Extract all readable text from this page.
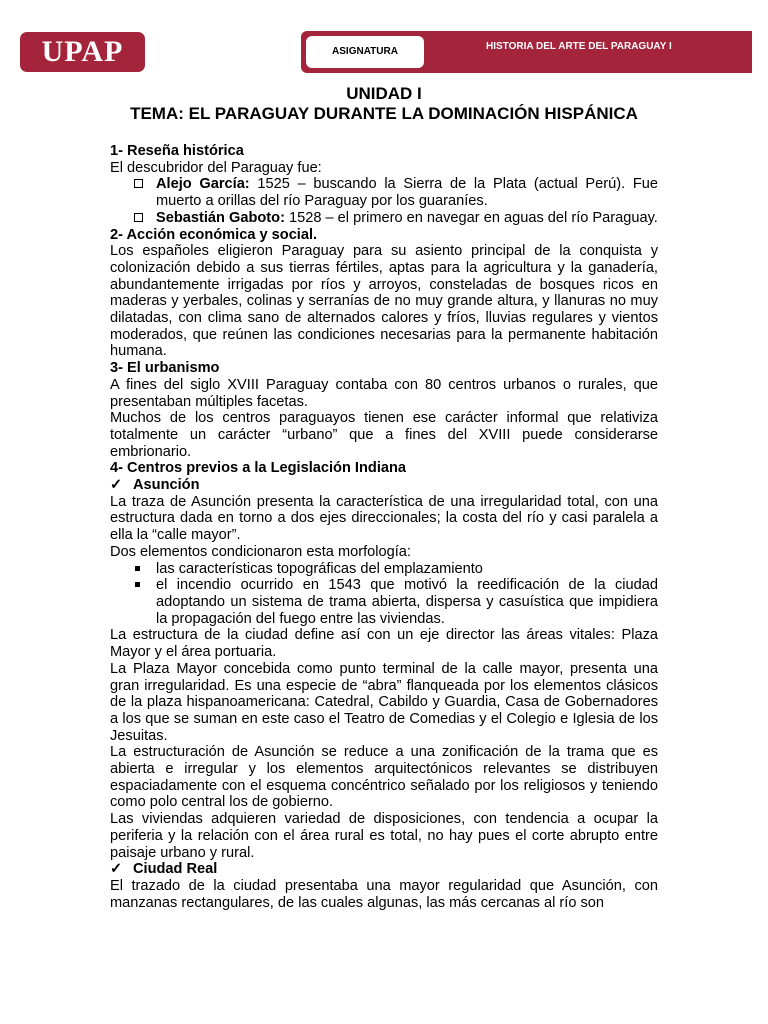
UPAP	ASIGNATURA	HISTORIA DEL ARTE DEL PARAGUAY I
UNIDAD I
TEMA: EL PARAGUAY DURANTE LA DOMINACIÓN HISPÁNICA
1- Reseña histórica
El descubridor del Paraguay fue:
Alejo García: 1525 – buscando la Sierra de la Plata (actual Perú). Fue muerto a orillas del río Paraguay por los guaraníes.
Sebastián Gaboto: 1528 – el primero en navegar en aguas del río Paraguay.
2- Acción económica y social.
Los españoles eligieron Paraguay para su asiento principal de la conquista y colonización debido a sus tierras fértiles, aptas para la agricultura y la ganadería, abundantemente irrigadas por ríos y arroyos, consteladas de bosques ricos en maderas y yerbales, colinas y serranías de no muy grande altura, y llanuras no muy dilatadas, con clima sano de alternados calores y fríos, lluvias regulares y vientos moderados, que reúnen las condiciones necesarias para la permanente habitación humana.
3- El urbanismo
A fines del siglo XVIII Paraguay contaba con 80 centros urbanos o rurales, que presentaban múltiples facetas.
Muchos de los centros paraguayos tienen ese carácter informal que relativiza totalmente un carácter “urbano” que a fines del XVIII puede considerarse embrionario.
4- Centros previos a la Legislación Indiana
✓ Asunción
La traza de Asunción presenta la característica de una irregularidad total, con una estructura dada en torno a dos ejes direccionales; la costa del río y casi paralela a ella la “calle mayor”.
Dos elementos condicionaron esta morfología:
las características topográficas del emplazamiento
el incendio ocurrido en 1543 que motivó la reedificación de la ciudad adoptando un sistema de trama abierta, dispersa y casuística que impidiera la propagación del fuego entre las viviendas.
La estructura de la ciudad define así con un eje director las áreas vitales: Plaza Mayor y el área portuaria.
La Plaza Mayor concebida como punto terminal de la calle mayor, presenta una gran irregularidad. Es una especie de “abra” flanqueada por los elementos clásicos de la plaza hispanoamericana: Catedral, Cabildo y Guardia, Casa de Gobernadores a los que se suman en este caso el Teatro de Comedias y el Colegio e Iglesia de los Jesuitas.
La estructuración de Asunción se reduce a una zonificación de la trama que es abierta e irregular y los elementos arquitectónicos relevantes se distribuyen espaciadamente con el esquema concéntrico señalado por los religiosos y teniendo como polo central los de gobierno.
Las viviendas adquieren variedad de disposiciones, con tendencia a ocupar la periferia y la relación con el área rural es total, no hay pues el corte abrupto entre paisaje urbano y rural.
✓ Ciudad Real
El trazado de la ciudad presentaba una mayor regularidad que Asunción, con manzanas rectangulares, de las cuales algunas, las más cercanas al río son
